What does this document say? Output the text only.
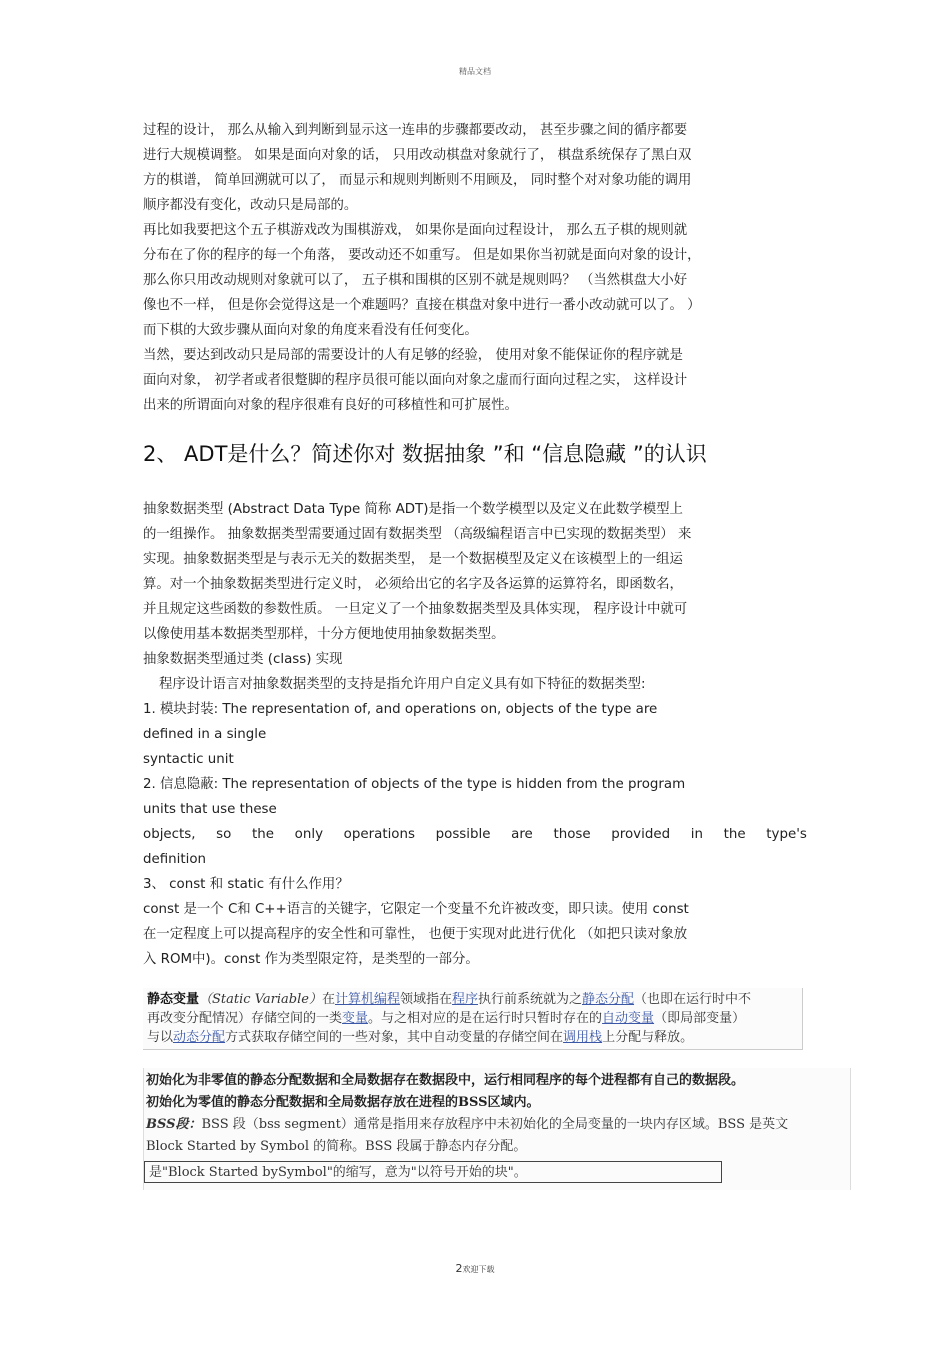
精品文档
过程的设计， 那么从输入到判断到显示这一连串的步骤都要改动， 甚至步骤之间的循序都要
进行大规模调整。 如果是面向对象的话， 只用改动棋盘对象就行了， 棋盘系统保存了黑白双
方的棋谱， 简单回溯就可以了， 而显示和规则判断则不用顾及， 同时整个对对象功能的调用
顺序都没有变化，改动只是局部的。
再比如我要把这个五子棋游戏改为围棋游戏， 如果你是面向过程设计， 那么五子棋的规则就
分布在了你的程序的每一个角落， 要改动还不如重写。 但是如果你当初就是面向对象的设计，
那么你只用改动规则对象就可以了， 五子棋和围棋的区别不就是规则吗？ （当然棋盘大小好
像也不一样， 但是你会觉得这是一个难题吗？直接在棋盘对象中进行一番小改动就可以了。 ）
而下棋的大致步骤从面向对象的角度来看没有任何变化。
当然，要达到改动只是局部的需要设计的人有足够的经验， 使用对象不能保证你的程序就是
面向对象， 初学者或者很蹩脚的程序员很可能以面向对象之虚而行面向过程之实， 这样设计
出来的所谓面向对象的程序很难有良好的可移植性和可扩展性。
2、 ADT是什么？简述你对 数据抽象 ”和 “信息隐藏 ”的认识
抽象数据类型 (Abstract Data Type 简称 ADT)是指一个数学模型以及定义在此数学模型上
的一组操作。 抽象数据类型需要通过固有数据类型 （高级编程语言中已实现的数据类型） 来
实现。抽象数据类型是与表示无关的数据类型， 是一个数据模型及定义在该模型上的一组运
算。对一个抽象数据类型进行定义时， 必须给出它的名字及各运算的运算符名，即函数名，
并且规定这些函数的参数性质。 一旦定义了一个抽象数据类型及具体实现， 程序设计中就可
以像使用基本数据类型那样，十分方便地使用抽象数据类型。
抽象数据类型通过类 (class) 实现
程序设计语言对抽象数据类型的支持是指允许用户自定义具有如下特征的数据类型:
1. 模块封装: The representation of, and operations on, objects of the type are
defined in a single
syntactic unit
2. 信息隐蔽: The representation of objects of the type is hidden from the program
units that use these
objects, so the only operations possible are those provided in the type's
definition
3、 const 和 static 有什么作用？
const 是一个 C和 C++语言的关键字，它限定一个变量不允许被改变，即只读。使用 const
在一定程度上可以提高程序的安全性和可靠性， 也便于实现对此进行优化 （如把只读对象放
入 ROM中)。const 作为类型限定符，是类型的一部分。
静态变量（Static Variable）在计算机编程领域指在程序执行前系统就为之静态分配（也即在运行时中不
再改变分配情况）存储空间的一类变量。与之相对应的是在运行时只暂时存在的自动变量（即局部变量）
与以动态分配方式获取存储空间的一些对象，其中自动变量的存储空间在调用栈上分配与释放。
初始化为非零值的静态分配数据和全局数据存在数据段中，运行相同程序的每个进程都有自己的数据段。
初始化为零值的静态分配数据和全局数据存放在进程的BSS区域内。
BSS段：BSS 段（bss segment）通常是指用来存放程序中未初始化的全局变量的一块内存区域。BSS 是英文
Block Started by Symbol 的简称。BSS 段属于静态内存分配。
是"Block Started bySymbol"的缩写，意为"以符号开始的块"。
2欢迎下载
